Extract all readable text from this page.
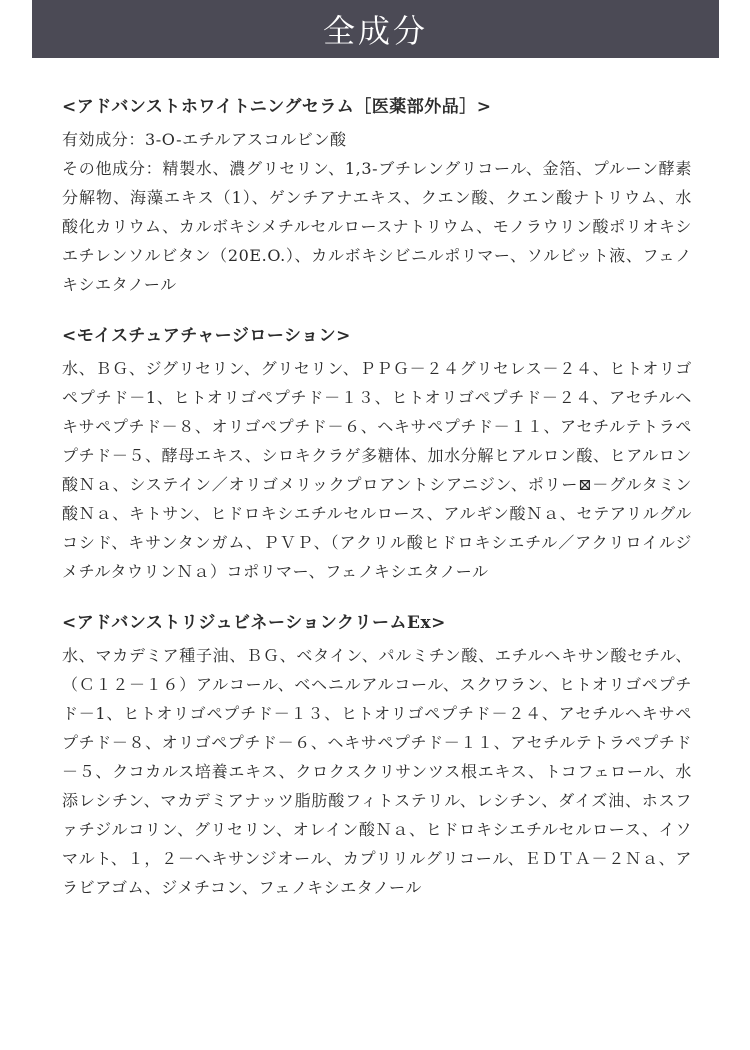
全成分
<アドバンストホワイトニングセラム［医薬部外品］>

有効成分：3-O-エチルアスコルビン酸
その他成分：精製水、濃グリセリン、1,3-ブチレングリコール、金箔、プルーン酵素分解物、海藻エキス（1）、ゲンチアナエキス、クエン酸、クエン酸ナトリウム、水酸化カリウム、カルボキシメチルセルロースナトリウム、モノラウリン酸ポリオキシエチレンソルビタン（20E.O.）、カルボキシビニルポリマー、ソルビット液、フェノキシエタノール

<モイスチュアチャージローション>

水、ＢＧ、ジグリセリン、グリセリン、ＰＰＧ－２４グリセレス－２４、ヒトオリゴペプチド－1、ヒトオリゴペプチド－１３、ヒトオリゴペプチド－２４、アセチルヘキサペプチド－８、オリゴペプチド－６、ヘキサペプチド－１１、アセチルテトラペプチド－５、酵母エキス、シロキクラゲ多糖体、加水分解ヒアルロン酸、ヒアルロン酸Ｎａ、システイン／オリゴメリックプロアントシアニジン、ポリー⊠－グルタミン酸Ｎａ、キトサン、ヒドロキシエチルセルロース、アルギン酸Ｎａ、セテアリルグルコシド、キサンタンガム、ＰＶＰ、（アクリル酸ヒドロキシエチル／アクリロイルジメチルタウリンＮａ）コポリマー、フェノキシエタノール

<アドバンストリジュビネーションクリームEx>

水、マカデミア種子油、ＢＧ、ベタイン、パルミチン酸、エチルヘキサン酸セチル、（Ｃ１２－１６）アルコール、ベヘニルアルコール、スクワラン、ヒトオリゴペプチド－1、ヒトオリゴペプチド－１３、ヒトオリゴペプチド－２４、アセチルヘキサペプチド－８、オリゴペプチド－６、ヘキサペプチド－１１、アセチルテトラペプチド－５、クコカルス培養エキス、クロクスクリサンツス根エキス、トコフェロール、水添レシチン、マカデミアナッツ脂肪酸フィトステリル、レシチン、ダイズ油、ホスファチジルコリン、グリセリン、オレイン酸Ｎａ、ヒドロキシエチルセルロース、イソマルト、１，２－ヘキサンジオール、カプリリルグリコール、ＥＤＴＡ－２Ｎａ、アラビアゴム、ジメチコン、フェノキシエタノール
